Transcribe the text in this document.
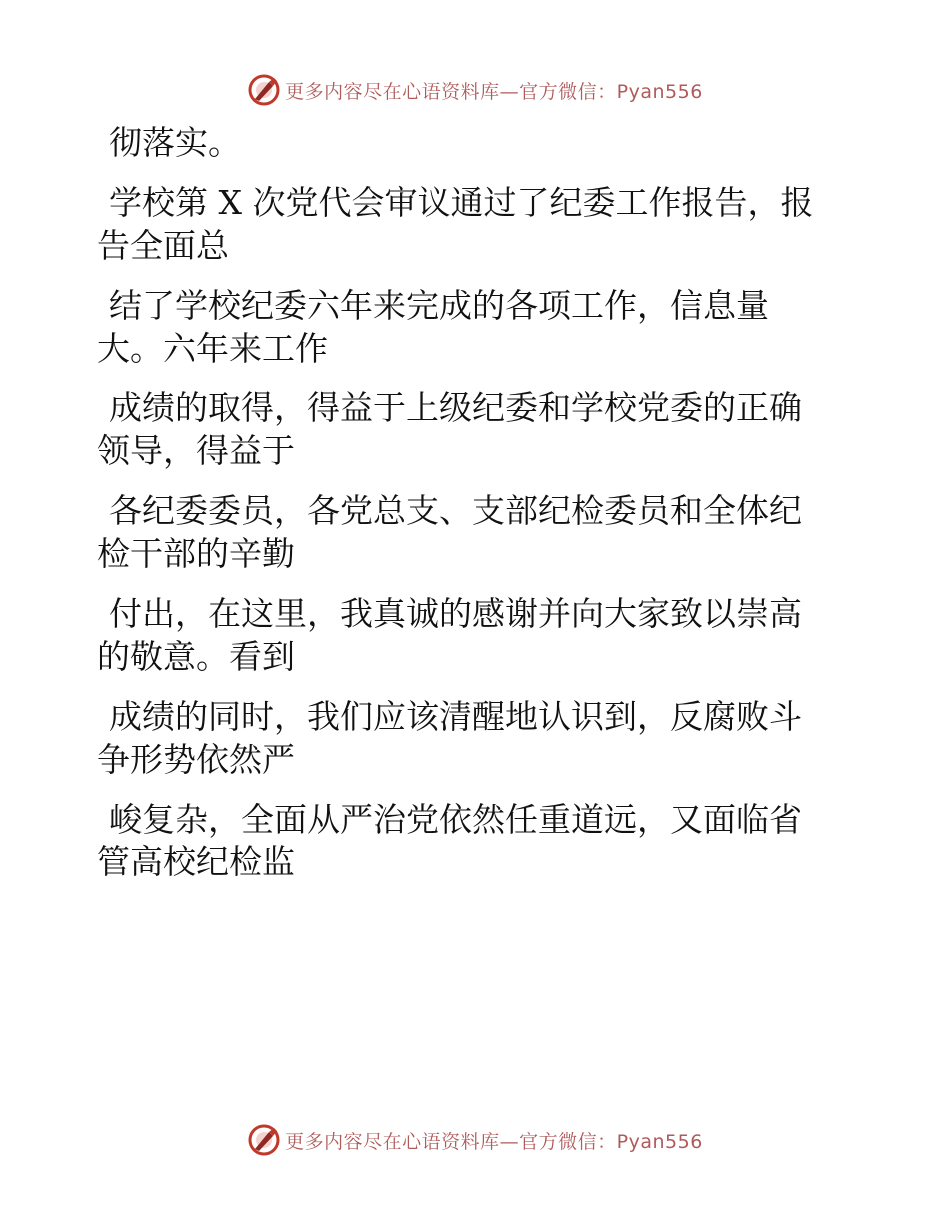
更多内容尽在心语资料库—官方微信：Pyan556
彻落实。
学校第 X 次党代会审议通过了纪委工作报告，报
告全面总
结了学校纪委六年来完成的各项工作，信息量
大。六年来工作
成绩的取得，得益于上级纪委和学校党委的正确
领导，得益于
各纪委委员，各党总支、支部纪检委员和全体纪
检干部的辛勤
付出，在这里，我真诚的感谢并向大家致以崇高
的敬意。看到
成绩的同时，我们应该清醒地认识到，反腐败斗
争形势依然严
峻复杂，全面从严治党依然任重道远，又面临省
管高校纪检监
更多内容尽在心语资料库—官方微信：Pyan556
